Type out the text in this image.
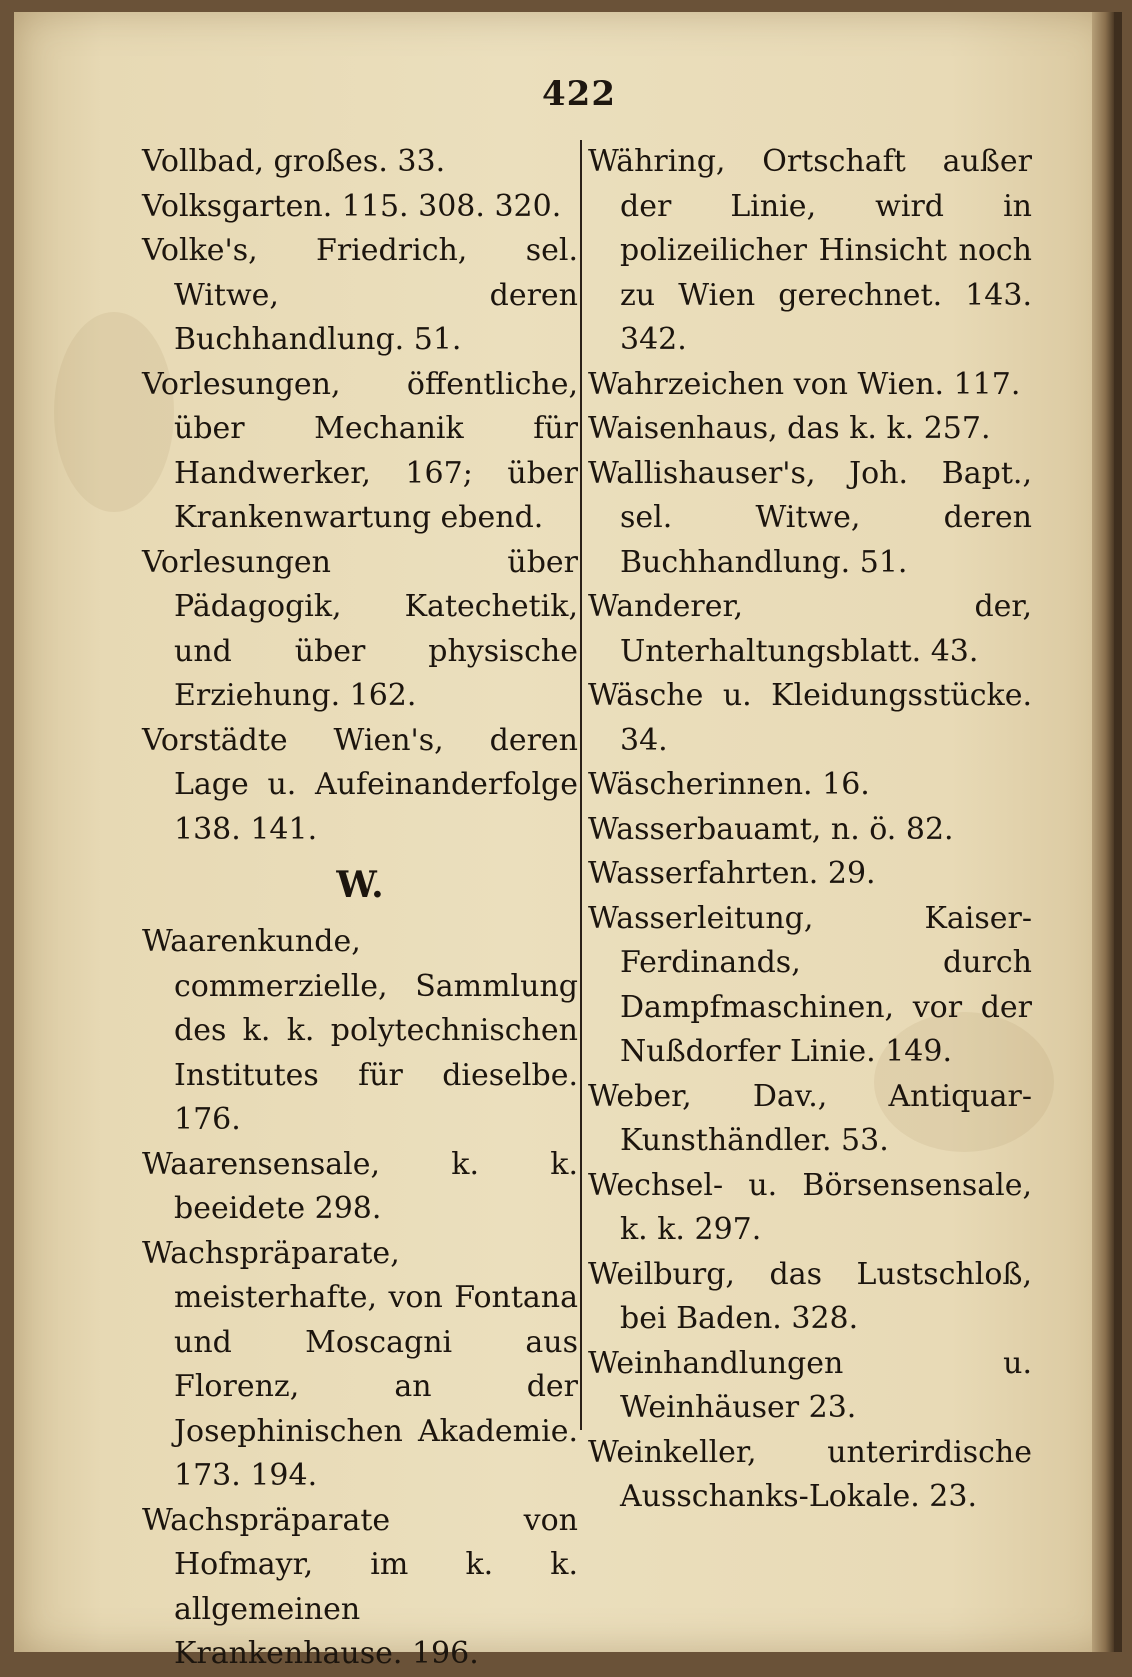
422

Vollbad, großes. 33.

Volksgarten. 115. 308. 320.

Volke's, Friedrich, sel. Witwe, deren Buchhandlung. 51.

Vorlesungen, öffentliche, über Mechanik für Handwerker, 167; über Krankenwartung ebend.

Vorlesungen über Pädagogik, Katechetik, und über physische Erziehung. 162.

Vorstädte Wien's, deren Lage u. Aufeinanderfolge 138. 141.

W.

Waarenkunde, commerzielle, Sammlung des k. k. polytechnischen Institutes für dieselbe. 176.

Waarensensale, k. k. beeidete 298.

Wachspräparate, meisterhafte, von Fontana und Moscagni aus Florenz, an der Josephinischen Akademie. 173. 194.

Wachspräparate von Hofmayr, im k. k. allgemeinen Krankenhause. 196.

Währing, Ortschaft außer der Linie, wird in polizeilicher Hinsicht noch zu Wien gerechnet. 143. 342.

Wahrzeichen von Wien. 117.

Waisenhaus, das k. k. 257.

Wallishauser's, Joh. Bapt., sel. Witwe, deren Buchhandlung. 51.

Wanderer, der, Unterhaltungsblatt. 43.

Wäsche u. Kleidungsstücke. 34.

Wäscherinnen. 16.

Wasserbauamt, n. ö. 82.

Wasserfahrten. 29.

Wasserleitung, Kaiser-Ferdinands, durch Dampfmaschinen, vor der Nußdorfer Linie. 149.

Weber, Dav., Antiquar-Kunsthändler. 53.

Wechsel- u. Börsensensale, k. k. 297.

Weilburg, das Lustschloß, bei Baden. 328.

Weinhandlungen u. Weinhäuser 23.

Weinkeller, unterirdische Ausschanks-Lokale. 23.
